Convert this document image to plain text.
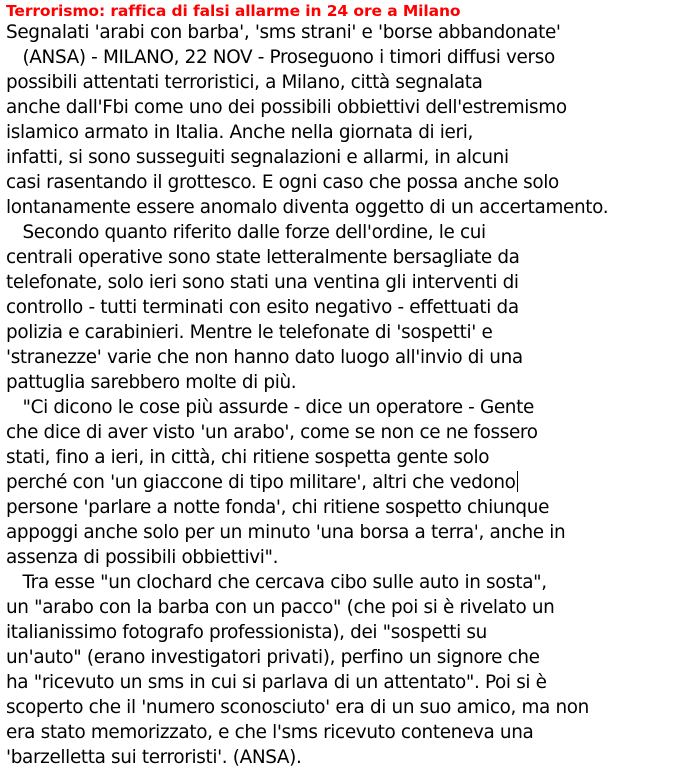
Terrorismo: raffica di falsi allarme in 24 ore a Milano
Segnalati 'arabi con barba', 'sms strani' e 'borse abbandonate'
(ANSA) - MILANO, 22 NOV - Proseguono i timori diffusi verso
possibili attentati terroristici, a Milano, città segnalata
anche dall'Fbi come uno dei possibili obbiettivi dell'estremismo
islamico armato in Italia. Anche nella giornata di ieri,
infatti, si sono susseguiti segnalazioni e allarmi, in alcuni
casi rasentando il grottesco. E ogni caso che possa anche solo
lontanamente essere anomalo diventa oggetto di un accertamento.
Secondo quanto riferito dalle forze dell'ordine, le cui
centrali operative sono state letteralmente bersagliate da
telefonate, solo ieri sono stati una ventina gli interventi di
controllo - tutti terminati con esito negativo - effettuati da
polizia e carabinieri. Mentre le telefonate di 'sospetti' e
'stranezze' varie che non hanno dato luogo all'invio di una
pattuglia sarebbero molte di più.
"Ci dicono le cose più assurde - dice un operatore - Gente
che dice di aver visto 'un arabo', come se non ce ne fossero
stati, fino a ieri, in città, chi ritiene sospetta gente solo
perché con 'un giaccone di tipo militare', altri che vedono
persone 'parlare a notte fonda', chi ritiene sospetto chiunque
appoggi anche solo per un minuto 'una borsa a terra', anche in
assenza di possibili obbiettivi".
Tra esse "un clochard che cercava cibo sulle auto in sosta",
un "arabo con la barba con un pacco" (che poi si è rivelato un
italianissimo fotografo professionista), dei "sospetti su
un'auto" (erano investigatori privati), perfino un signore che
ha "ricevuto un sms in cui si parlava di un attentato". Poi si è
scoperto che il 'numero sconosciuto' era di un suo amico, ma non
era stato memorizzato, e che l'sms ricevuto conteneva una
'barzelletta sui terroristi'. (ANSA).
